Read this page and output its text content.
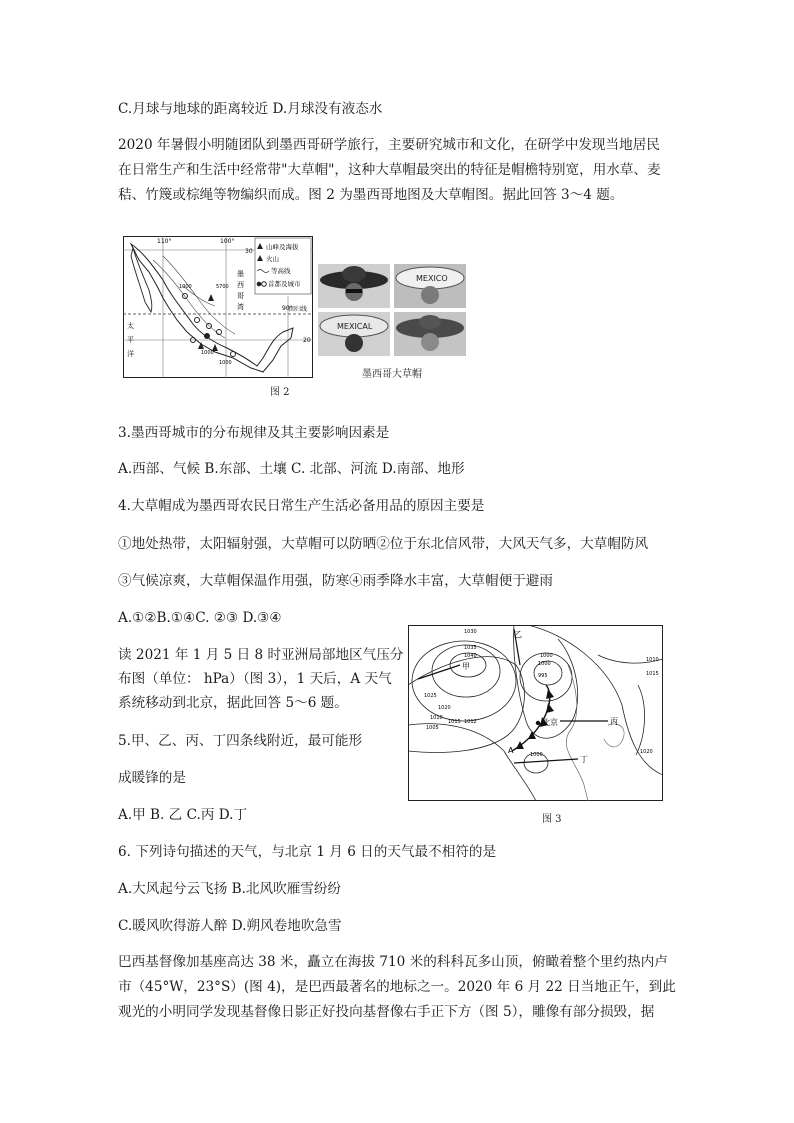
C.月球与地球的距离较近 D.月球没有液态水
2020 年暑假小明随团队到墨西哥研学旅行，主要研究城市和文化，在研学中发现当地居民
在日常生产和生活中经常带"大草帽"，这种大草帽最突出的特征是帽檐特别宽，用水草、麦
秸、竹篾或棕绳等物编织而成。图 2 为墨西哥地图及大草帽图。据此回答 3～4 题。
山峰及海拔
火山
等高线
首都及城市
110°	100°
90°
30
20
回归线
墨
西
哥
湾
太
平
洋
1000
1000
1000
5700
图 2
MEXICO
MEXICAL
墨西哥大草帽
3.墨西哥城市的分布规律及其主要影响因素是
A.西部、气候 B.东部、土壤 C. 北部、河流 D.南部、地形
4.大草帽成为墨西哥农民日常生产生活必备用品的原因主要是
①地处热带，太阳辐射强，大草帽可以防晒②位于东北信风带，大风天气多，大草帽防风
③气候凉爽，大草帽保温作用强，防寒④雨季降水丰富，大草帽便于避雨
A.①②B.①④C. ②③ D.③④
甲
乙
丙
丁
北京
A
1030
1035
1040
1025
1020
1015
1010
1005
1012
1000
995
1000
1010
1015
1020
1000
图 3
读 2021 年 1 月 5 日 8 时亚洲局部地区气压分
布图（单位： hPa）（图 3），1 天后，A 天气
系统移动到北京，据此回答 5～6 题。
5.甲、乙、丙、丁四条线附近，最可能形
成暖锋的是
A.甲 B. 乙 C.丙 D.丁
6. 下列诗句描述的天气，与北京 1 月 6 日的天气最不相符的是
A.大风起兮云飞扬 B.北风吹雁雪纷纷
C.暖风吹得游人醉 D.朔风卷地吹急雪
巴西基督像加基座高达 38 米，矗立在海拔 710 米的科科瓦多山顶，俯瞰着整个里约热内卢
市（45°W，23°S）(图 4)，是巴西最著名的地标之一。2020 年 6 月 22 日当地正午，到此
观光的小明同学发现基督像日影正好投向基督像右手正下方（图 5），雕像有部分损毁，据
